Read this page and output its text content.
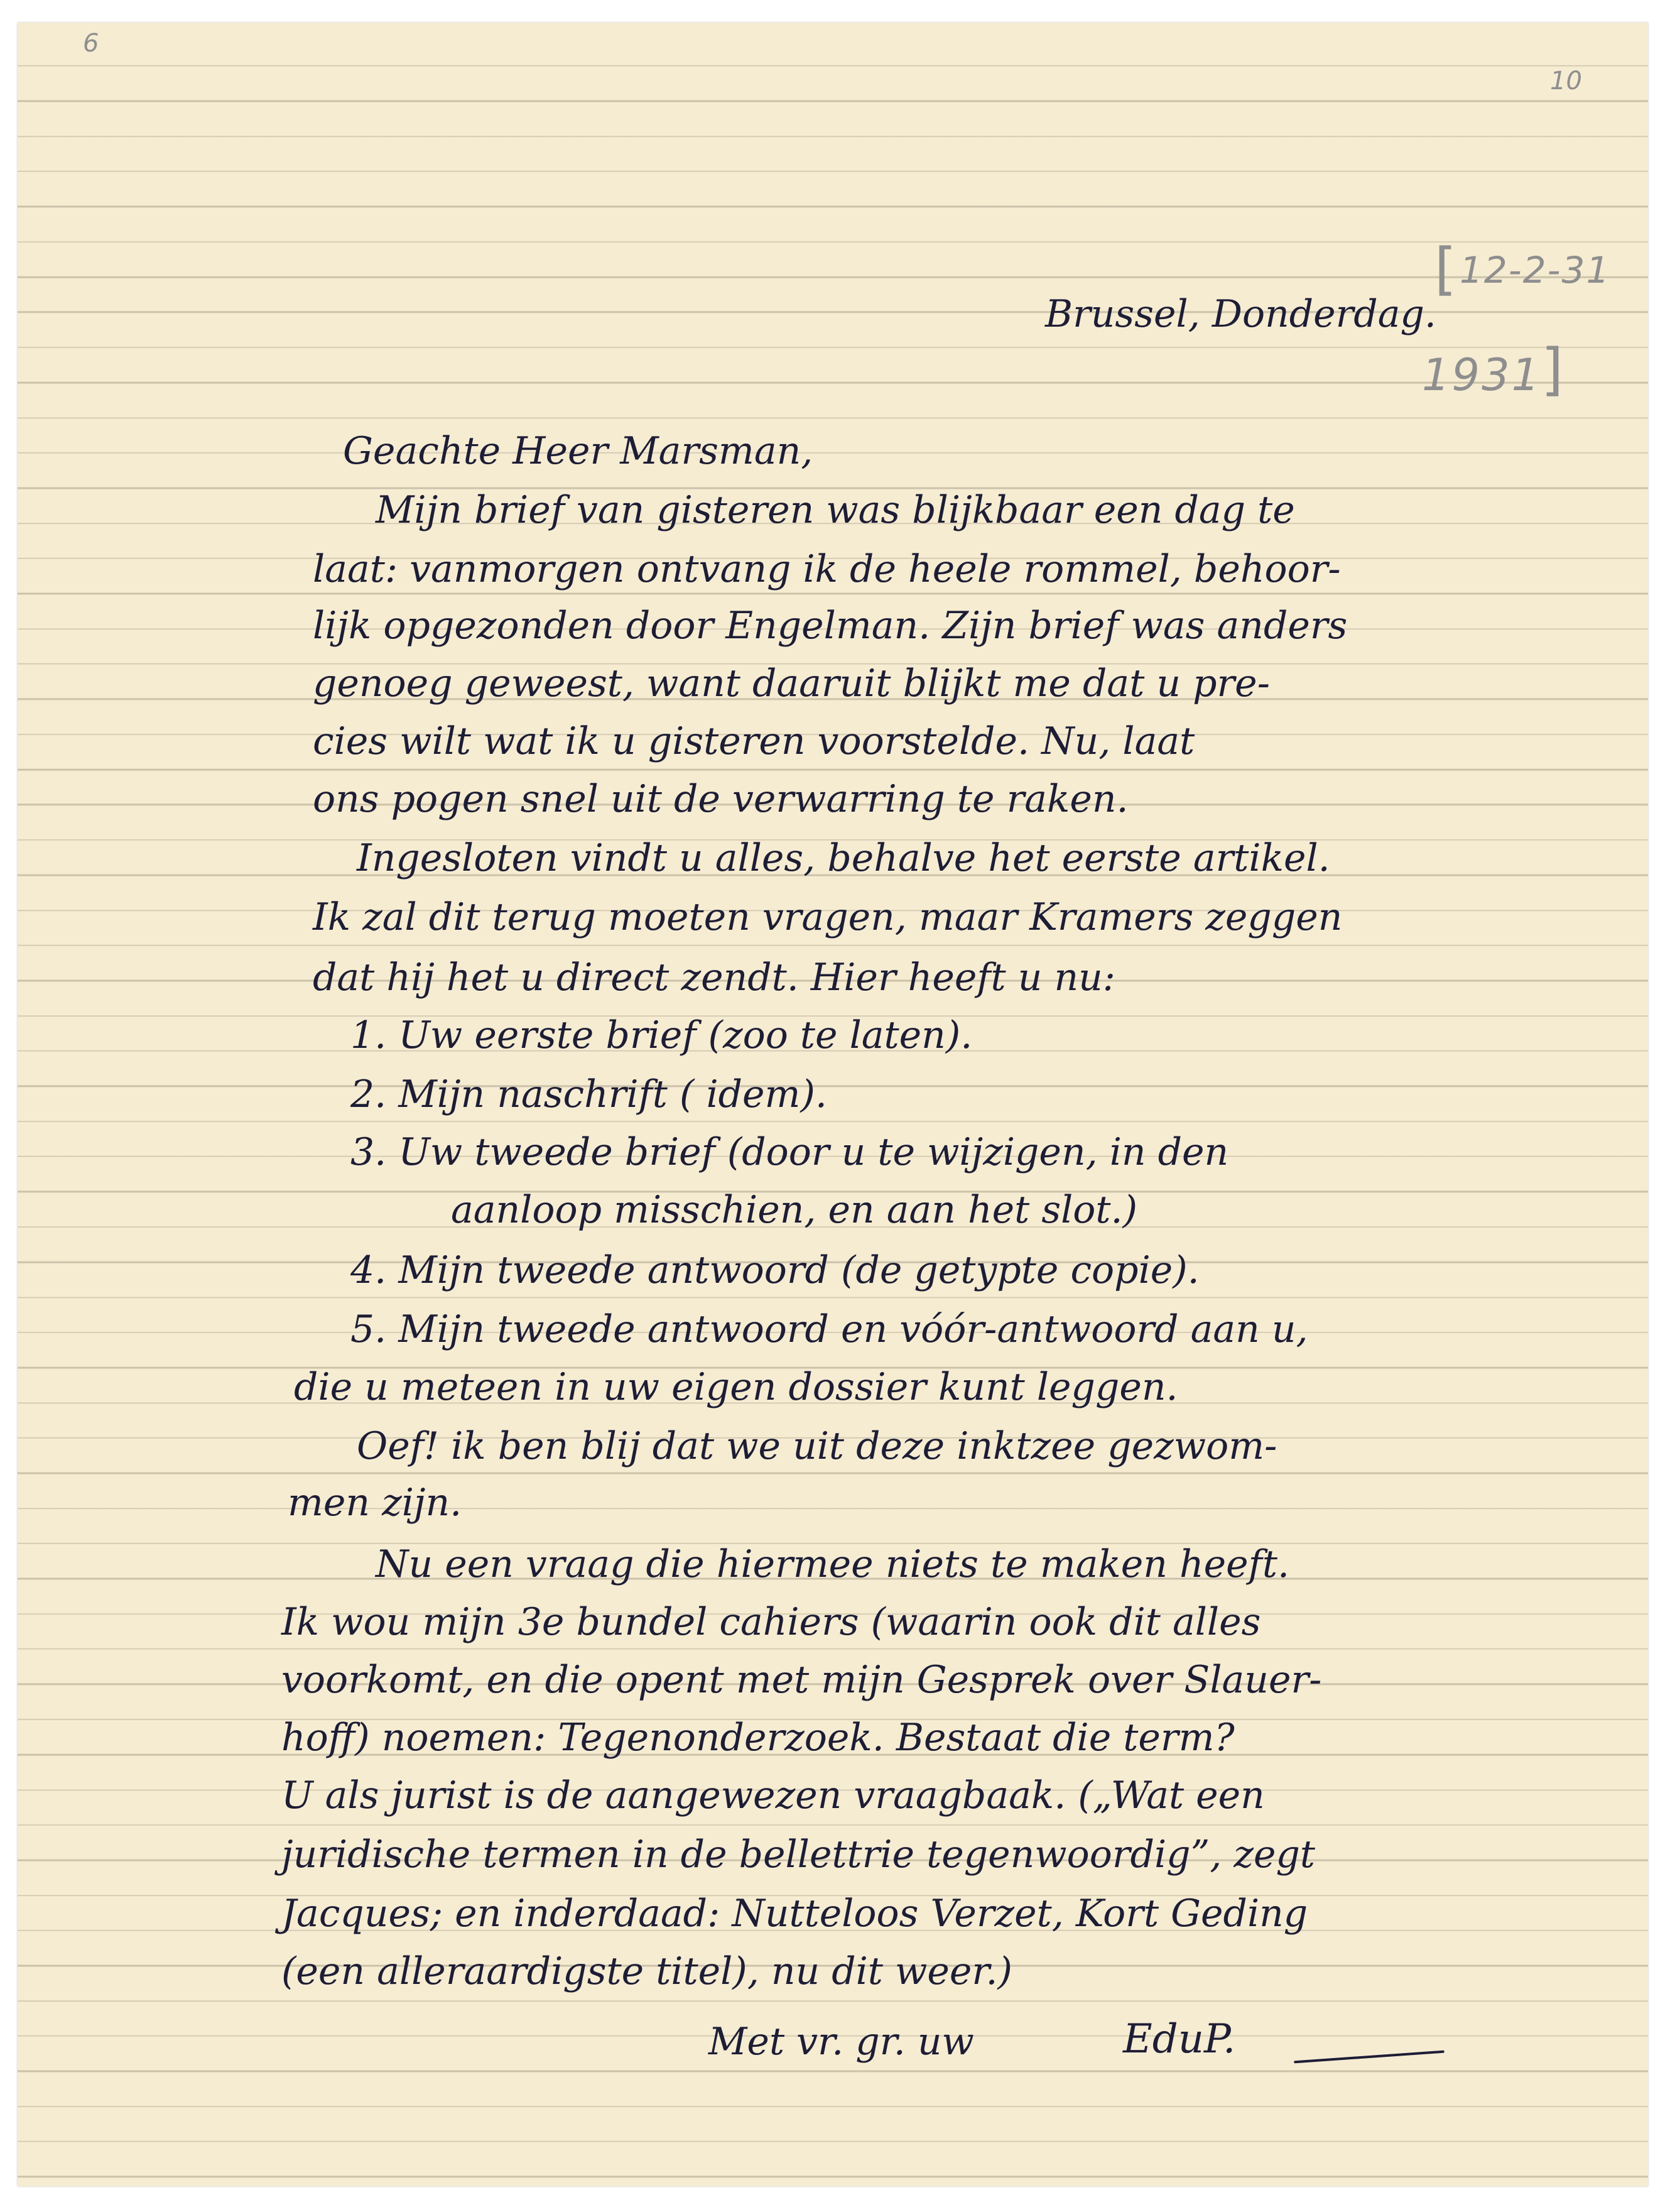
6
10
[ 12-2-31
1931 ]
Brussel, Donderdag.
Geachte Heer Marsman,
Mijn brief van gisteren was blijkbaar een dag te
laat: vanmorgen ontvang ik de heele rommel, behoor-
lijk opgezonden door Engelman. Zijn brief was anders
genoeg geweest, want daaruit blijkt me dat u pre-
cies wilt wat ik u gisteren voorstelde. Nu, laat
ons pogen snel uit de verwarring te raken.
Ingesloten vindt u alles, behalve het eerste artikel.
Ik zal dit terug moeten vragen, maar Kramers zeggen
dat hij het u direct zendt. Hier heeft u nu:
1. Uw eerste brief (zoo te laten).
2. Mijn naschrift ( idem).
3. Uw tweede brief (door u te wijzigen, in den
aanloop misschien, en aan het slot.)
4. Mijn tweede antwoord (de getypte copie).
5. Mijn tweede antwoord en vóór-antwoord aan u,
die u meteen in uw eigen dossier kunt leggen.
Oef! ik ben blij dat we uit deze inktzee gezwom-
men zijn.
Nu een vraag die hiermee niets te maken heeft.
Ik wou mijn 3e bundel cahiers (waarin ook dit alles
voorkomt, en die opent met mijn Gesprek over Slauer-
hoff) noemen: Tegenonderzoek. Bestaat die term?
U als jurist is de aangewezen vraagbaak. („Wat een
juridische termen in de bellettrie tegenwoordig”, zegt
Jacques; en inderdaad: Nutteloos Verzet, Kort Geding
(een alleraardigste titel), nu dit weer.)
Met vr. gr. uw	EduP.
